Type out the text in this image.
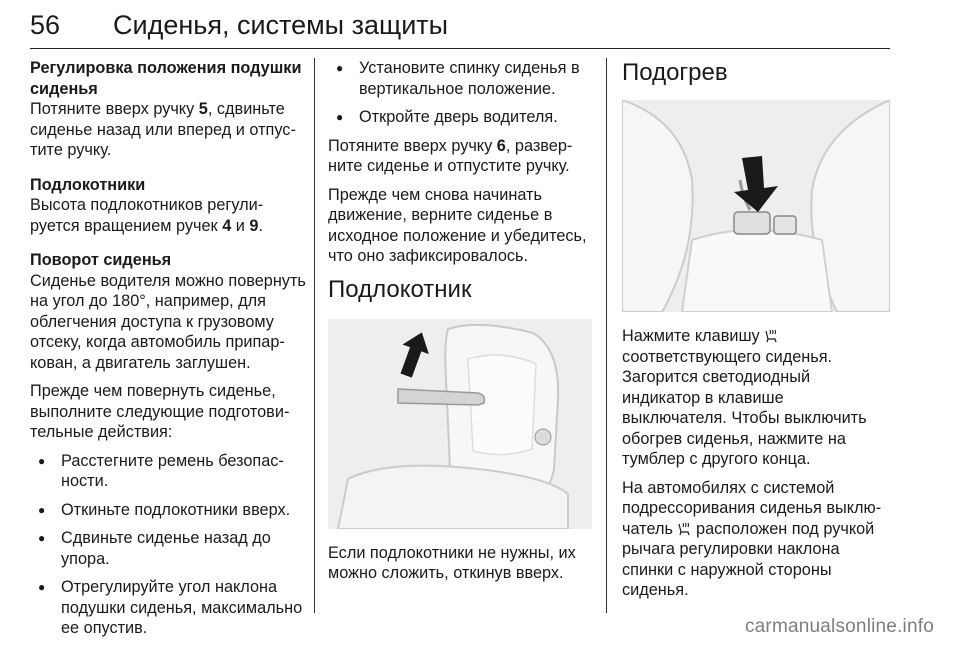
56 Сиденья, системы защиты
Регулировка положения подушки сиденья
Потяните вверх ручку 5, сдвиньте сиденье назад или вперед и отпустите ручку.
Подлокотники
Высота подлокотников регулируется вращением ручек 4 и 9.
Поворот сиденья

Сиденье водителя можно повернуть на угол до 180°, например, для облегчения доступа к грузовому отсеку, когда автомобиль припаркован, а двигатель заглушен.

Прежде чем повернуть сиденье, выполните следующие подготовительные действия:

● Расстегните ремень безопасности.
● Откиньте подлокотники вверх.
● Сдвиньте сиденье назад до упора.
● Отрегулируйте угол наклона подушки сиденья, максимально ее опустив.
● Установите спинку сиденья в вертикальное положение.
● Откройте дверь водителя.

Потяните вверх ручку 6, разверните сиденье и отпустите ручку.

Прежде чем снова начинать движение, верните сиденье в исходное положение и убедитесь, что оно зафиксировалось.

Подлокотник

Если подлокотники не нужны, их можно сложить, откинув вверх.

Подогрев

Нажмите клавишу  соответствующего сиденья. Загорится светодиодный индикатор в клавише выключателя. Чтобы выключить обогрев сиденья, нажмите на тумблер с другого конца.

На автомобилях с системой подрессоривания сиденья выключатель  расположен под ручкой рычага регулировки наклона спинки с наружной стороны сиденья.

carmanualsonline.info
